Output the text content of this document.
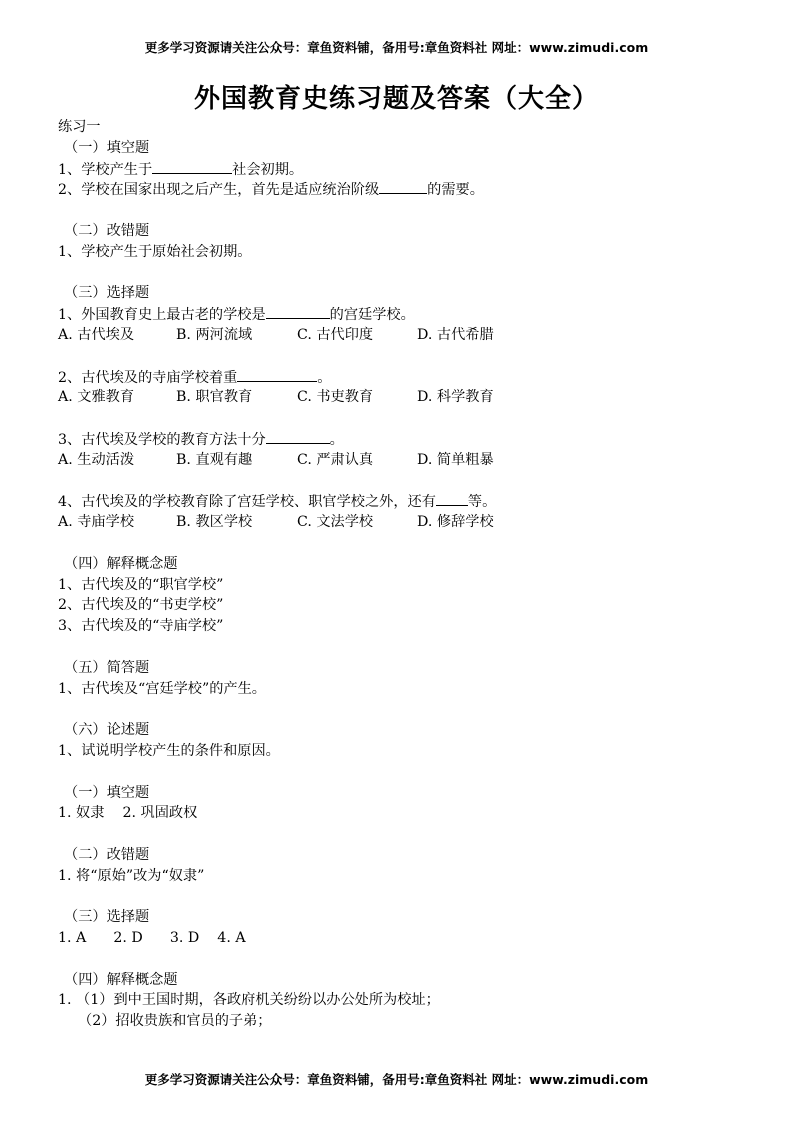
更多学习资源请关注公众号：章鱼资料铺，备用号:章鱼资料社 网址：www.zimudi.com
外国教育史练习题及答案（大全）
练习一
（一）填空题
1、学校产生于	社会初期。
2、学校在国家出现之后产生，首先是适应统治阶级	的需要。
（二）改错题
1、学校产生于原始社会初期。
（三）选择题
1、外国教育史上最古老的学校是	的宫廷学校。
A. 古代埃及	B. 两河流域	C. 古代印度	D. 古代希腊
2、古代埃及的寺庙学校着重	。
A. 文雅教育	B. 职官教育	C. 书吏教育	D. 科学教育
3、古代埃及学校的教育方法十分	。
A. 生动活泼	B. 直观有趣	C. 严肃认真	D. 简单粗暴
4、古代埃及的学校教育除了宫廷学校、职官学校之外，还有 等。
A. 寺庙学校	B. 教区学校	C. 文法学校	D. 修辞学校
（四）解释概念题
1、古代埃及的“职官学校”
2、古代埃及的“书吏学校”
3、古代埃及的“寺庙学校”
（五）简答题
1、古代埃及“宫廷学校”的产生。
（六）论述题
1、试说明学校产生的条件和原因。
（一）填空题
1. 奴隶    2. 巩固政权
（二）改错题
1. 将“原始”改为“奴隶”
（三）选择题
1. A      2. D      3. D    4. A
（四）解释概念题
1. （1）到中王国时期，各政府机关纷纷以办公处所为校址；
（2）招收贵族和官员的子弟；
更多学习资源请关注公众号：章鱼资料铺，备用号:章鱼资料社 网址：www.zimudi.com
